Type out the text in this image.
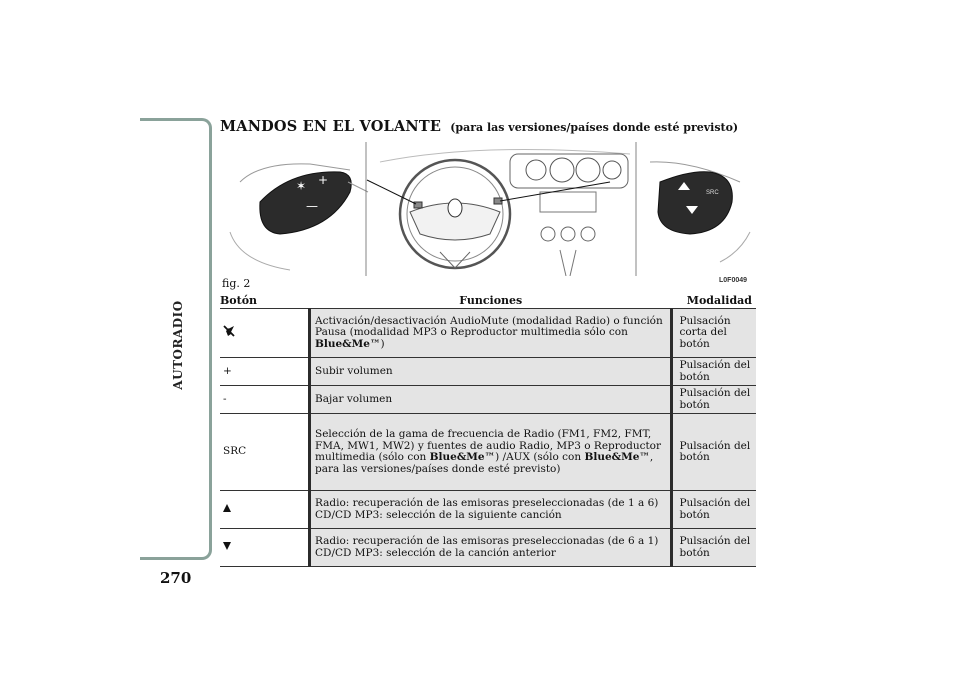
AUTORADIO
270
MANDOS EN EL VOLANTE (para las versiones/países donde esté previsto)
✶ +
—
SRC
fig. 2	L0F0049
Botón	Funciones	Modalidad
	Activación/desactivación AudioMute (modalidad Radio) o función Pausa (modalidad MP3 o Reproductor multimedia sólo con Blue&Me™)	Pulsación corta del botón
+	Subir volumen	Pulsación del botón
-	Bajar volumen	Pulsación del botón
SRC	Selección de la gama de frecuencia de Radio (FM1, FM2, FMT, FMA, MW1, MW2) y fuentes de audio Radio, MP3 o Reproductor multimedia (sólo con Blue&Me™) /AUX (sólo con Blue&Me™, para las versiones/países donde esté previsto)	Pulsación del botón
	Radio: recuperación de las emisoras preseleccionadas (de 1 a 6) CD/CD MP3: selección de la siguiente canción	Pulsación del botón
	Radio: recuperación de las emisoras preseleccionadas (de 6 a 1) CD/CD MP3: selección de la canción anterior	Pulsación del botón
